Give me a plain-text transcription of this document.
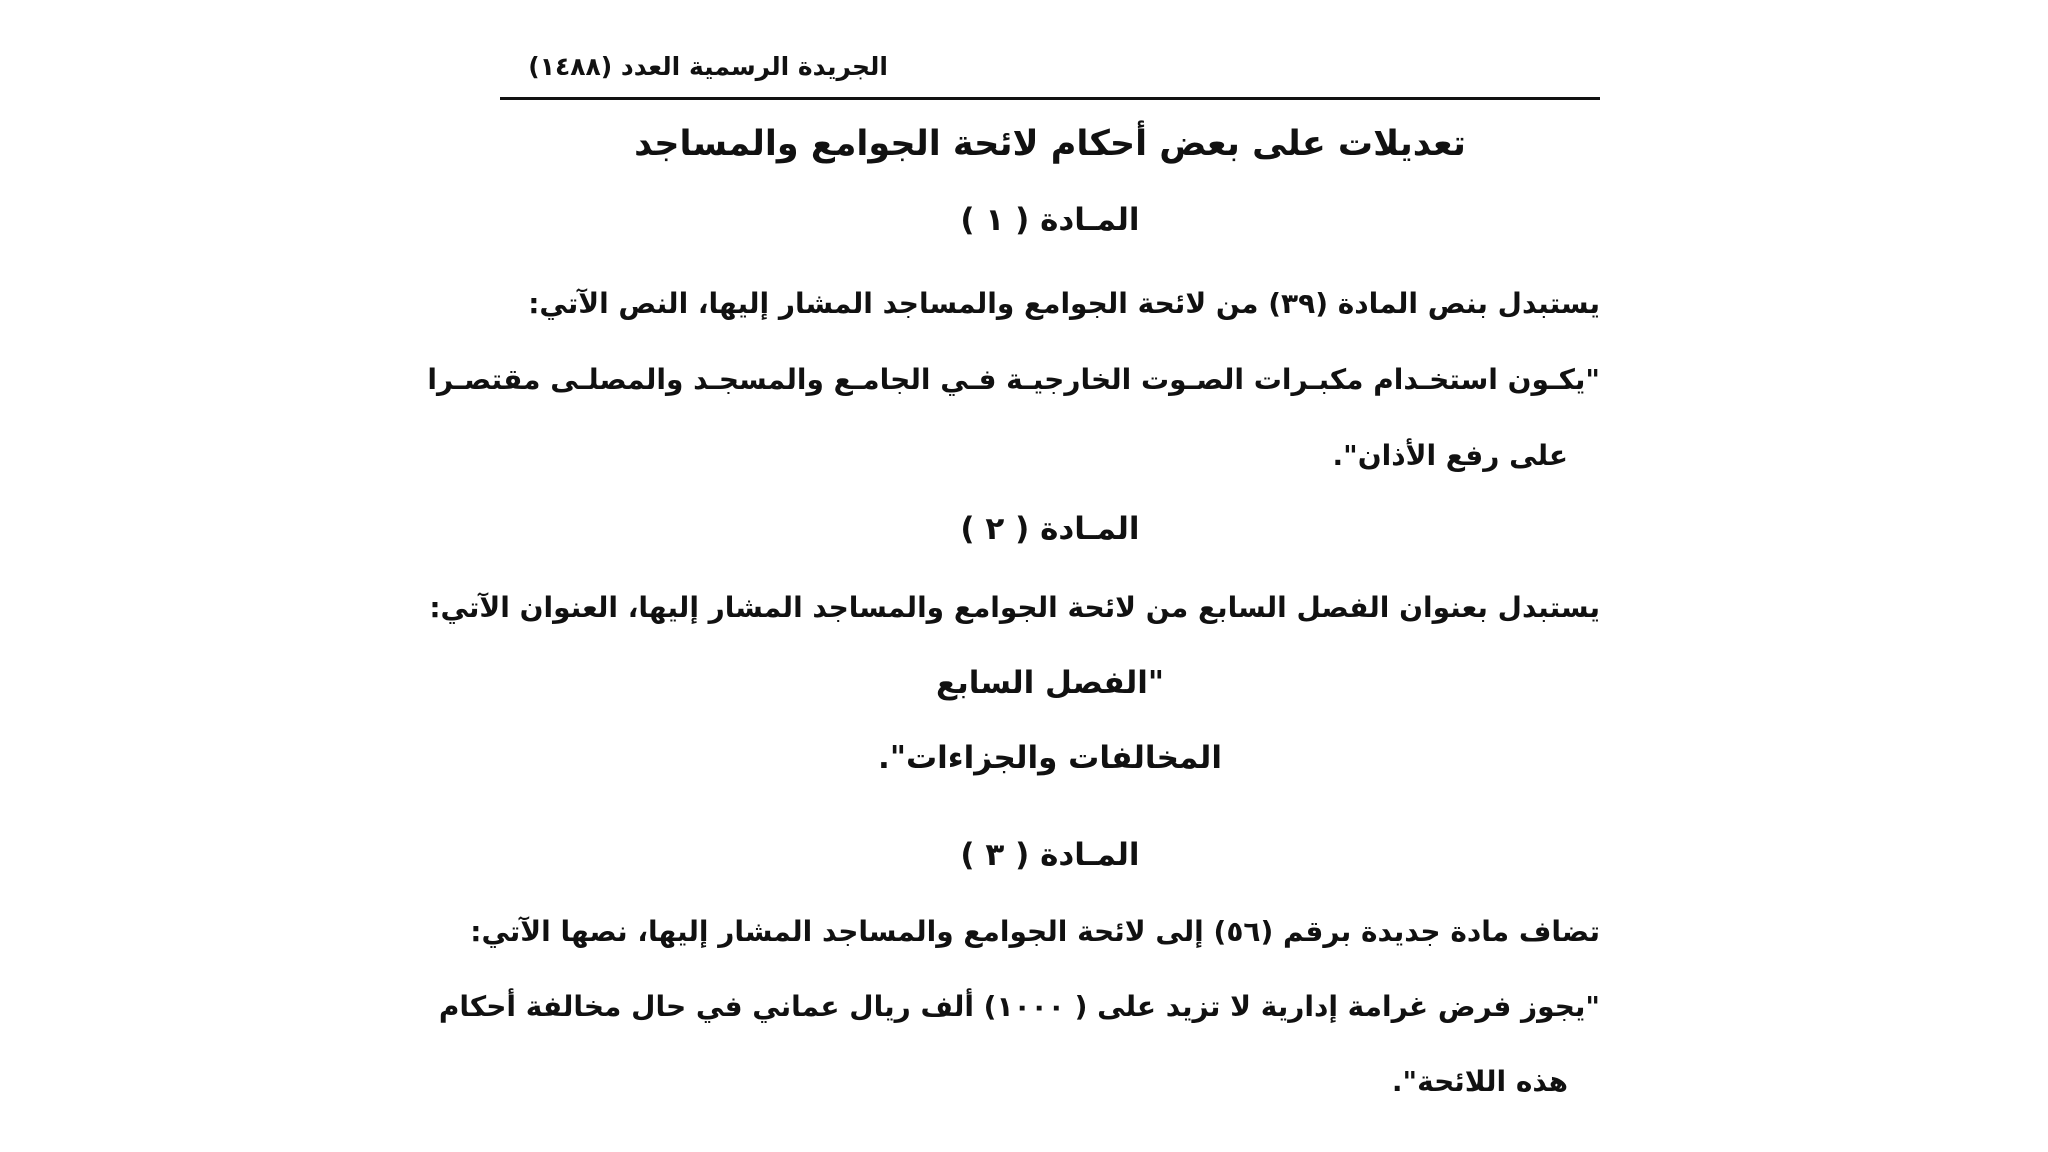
الجريدة الرسمية العدد (١٤٨٨)
تعديلات على بعض أحكام لائحة الجوامع والمساجد
المـادة ( ١ )
يستبدل بنص المادة (٣٩) من لائحة الجوامع والمساجد المشار إليها، النص الآتي:
"يكـون استخـدام مكبـرات الصـوت الخارجيـة فـي الجامـع والمسجـد والمصلـى مقتصـرا
على رفع الأذان".
المـادة ( ٢ )
يستبدل بعنوان الفصل السابع من لائحة الجوامع والمساجد المشار إليها، العنوان الآتي:
"الفصل السابع
المخالفات والجزاءات".
المـادة ( ٣ )
تضاف مادة جديدة برقم (٥٦) إلى لائحة الجوامع والمساجد المشار إليها، نصها الآتي:
"يجوز فرض غرامة إدارية لا تزيد على ( ١٠٠٠) ألف ريال عماني في حال مخالفة أحكام
هذه اللائحة".
